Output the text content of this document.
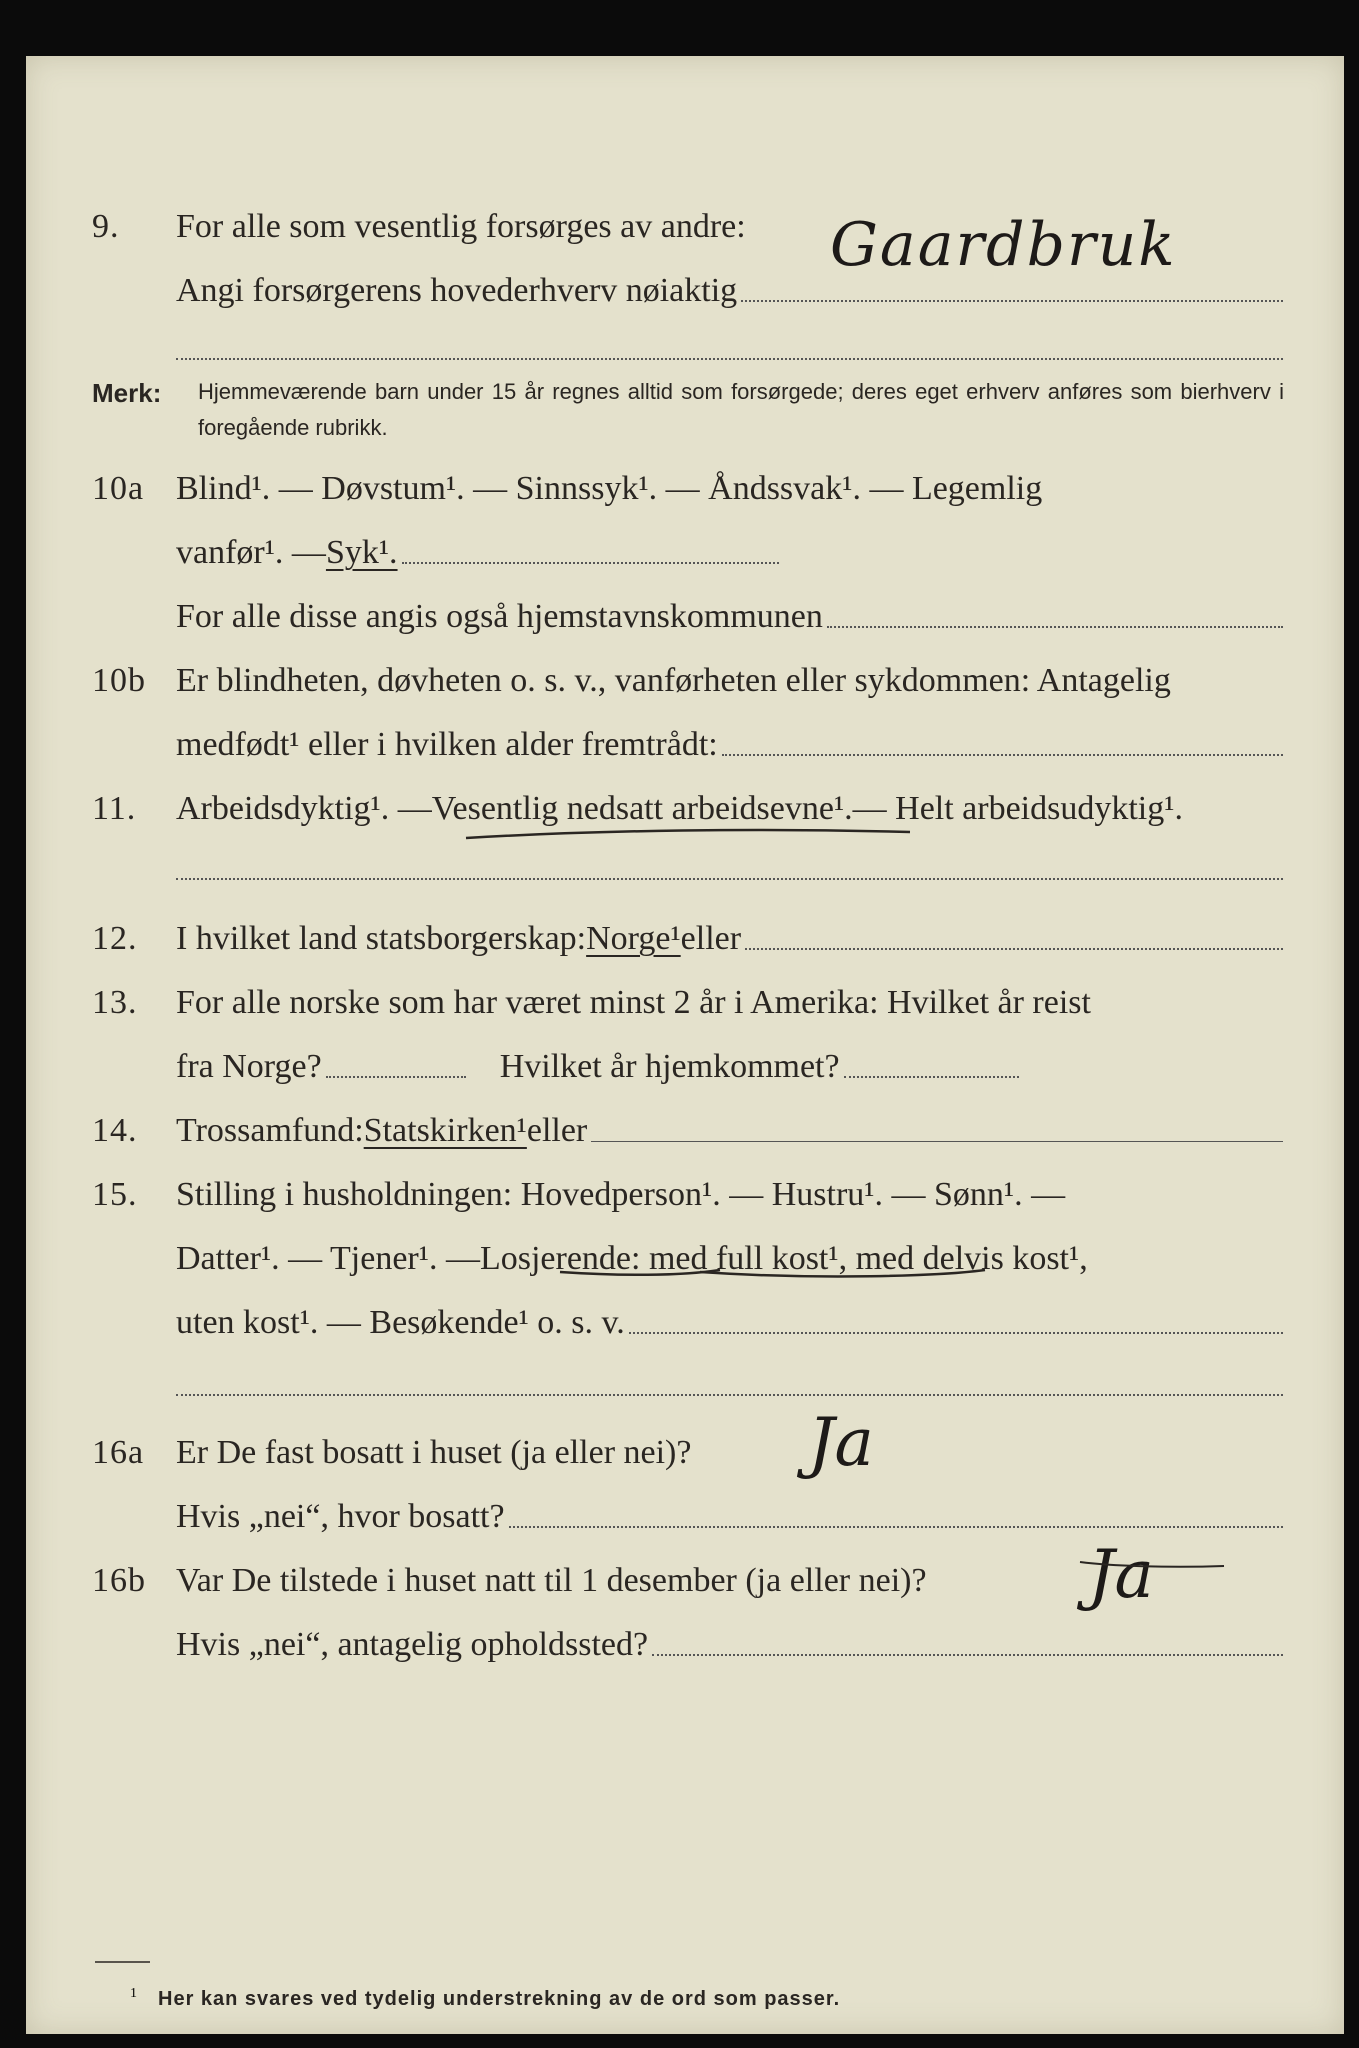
9. For alle som vesentlig forsørges av andre:
Angi forsørgerens hovederhverv nøiaktig
Gaardbruk
Merk: Hjemmeværende barn under 15 år regnes alltid som forsørgede; deres eget erhverv anføres som bierhverv i foregående rubrikk.
10a Blind¹. — Døvstum¹. — Sinnssyk¹. — Åndssvak¹. — Legemlig
vanfør¹. — Syk¹.
For alle disse angis også hjemstavnskommunen
10b Er blindheten, døvheten o. s. v., vanførheten eller sykdommen: Antagelig
medfødt¹ eller i hvilken alder fremtrådt:
11. Arbeidsdyktig¹. — Vesentlig nedsatt arbeidsevne¹. — Helt arbeidsudyktig¹.
12. I hvilket land statsborgerskap: Norge¹ eller
13. For alle norske som har været minst 2 år i Amerika: Hvilket år reist
fra Norge?	Hvilket år hjemkommet?
14. Trossamfund: Statskirken¹ eller
15. Stilling i husholdningen: Hovedperson¹. — Hustru¹. — Sønn¹. —
Datter¹. — Tjener¹. — Losjerende: med full kost¹ , med delvis kost¹,
uten kost¹. — Besøkende¹ o. s. v.
16a Er De fast bosatt i huset (ja eller nei)?
Hvis „nei“, hvor bosatt?
Ja
16b Var De tilstede i huset natt til 1 desember (ja eller nei)?
Hvis „nei“, antagelig opholdssted?
Ja
1 Her kan svares ved tydelig understrekning av de ord som passer.
